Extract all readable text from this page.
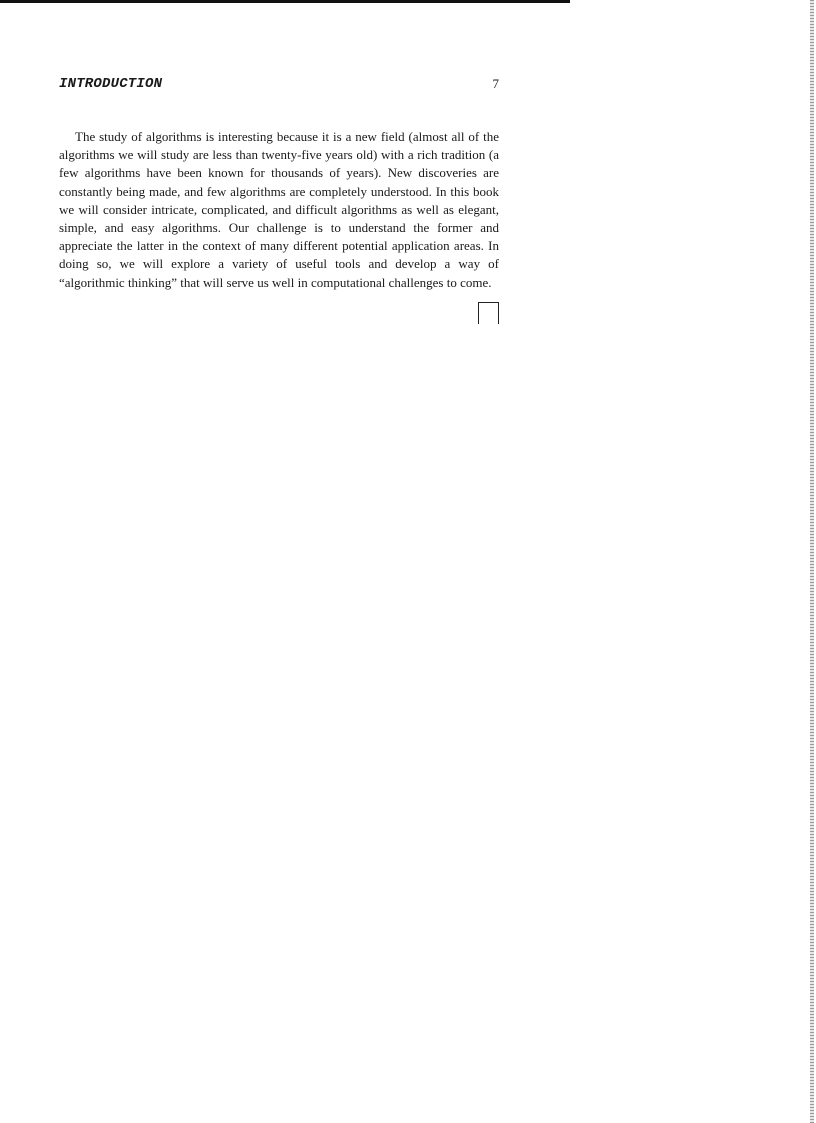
INTRODUCTION	7

The study of algorithms is interesting because it is a new field (almost all of the algorithms we will study are less than twenty-five years old) with a rich tradition (a few algorithms have been known for thousands of years). New discoveries are constantly being made, and few algorithms are completely understood. In this book we will consider intricate, complicated, and difficult algorithms as well as elegant, simple, and easy algorithms. Our challenge is to understand the former and appreciate the latter in the context of many different potential application areas. In doing so, we will explore a variety of useful tools and develop a way of “algorithmic thinking” that will serve us well in computational challenges to come.
